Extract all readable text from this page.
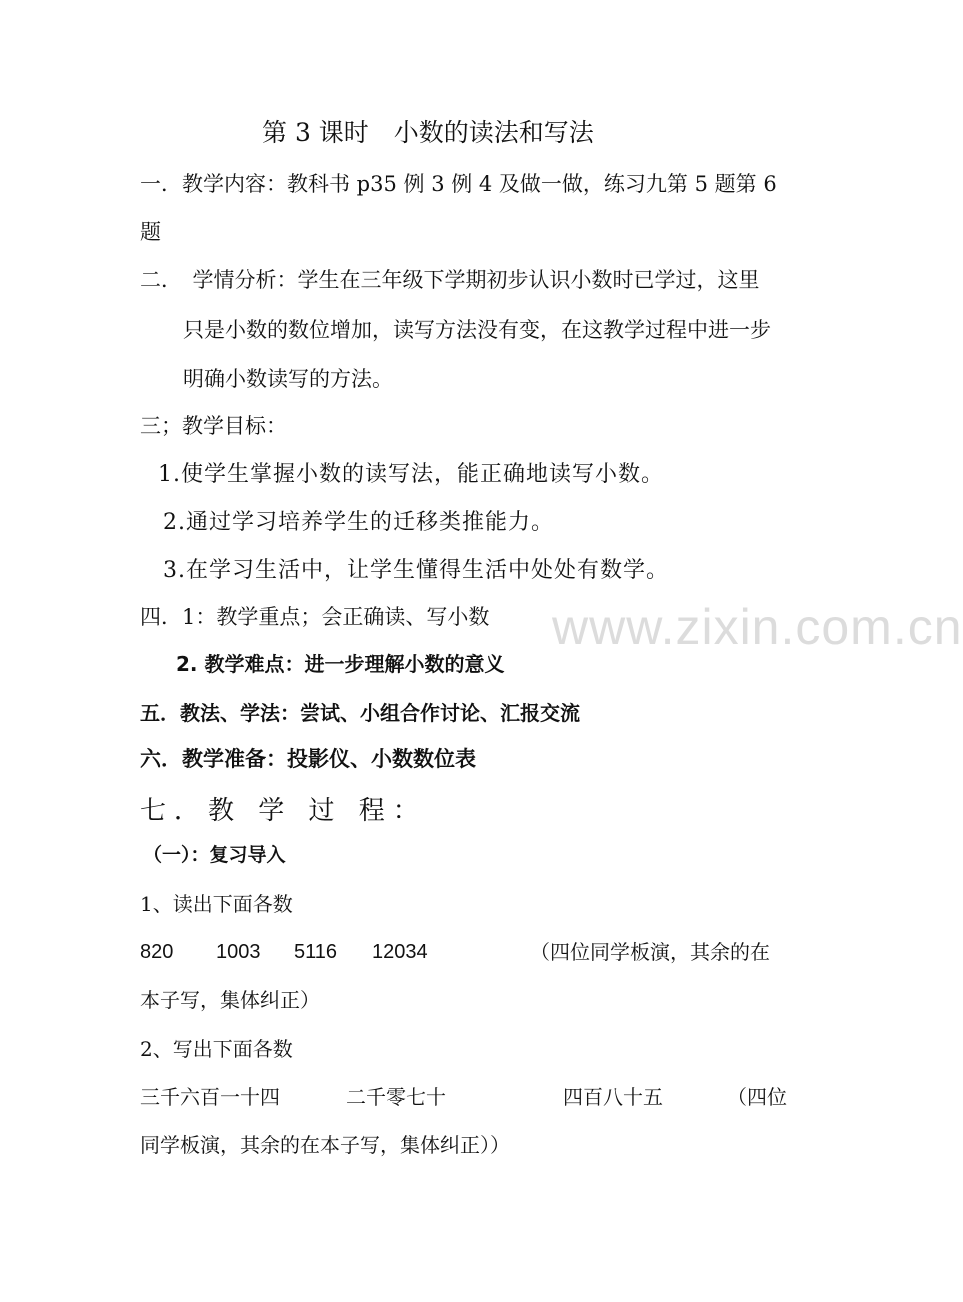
第 3 课时　小数的读法和写法
一．教学内容：教科书 p35 例 3 例 4 及做一做，练习九第 5 题第 6
题
二．　学情分析：学生在三年级下学期初步认识小数时已学过，这里
只是小数的数位增加，读写方法没有变，在这教学过程中进一步
明确小数读写的方法。
三；教学目标：
1.使学生掌握小数的读写法，能正确地读写小数。
2.通过学习培养学生的迁移类推能力。
3.在学习生活中，让学生懂得生活中处处有数学。
四．1：教学重点；会正确读、写小数
2. 教学难点：进一步理解小数的意义
五．教法、学法：尝试、小组合作讨论、汇报交流
六．教学准备：投影仪、小数数位表
七．教 学 过 程：
（一）：复习导入
1、读出下面各数
820 1003 5116 12034	（四位同学板演，其余的在
本子写，集体纠正）
2、写出下面各数
三千六百一十四	二千零七十	四百八十五	（四位
同学板演，其余的在本子写，集体纠正））
www.zixin.com.cn
